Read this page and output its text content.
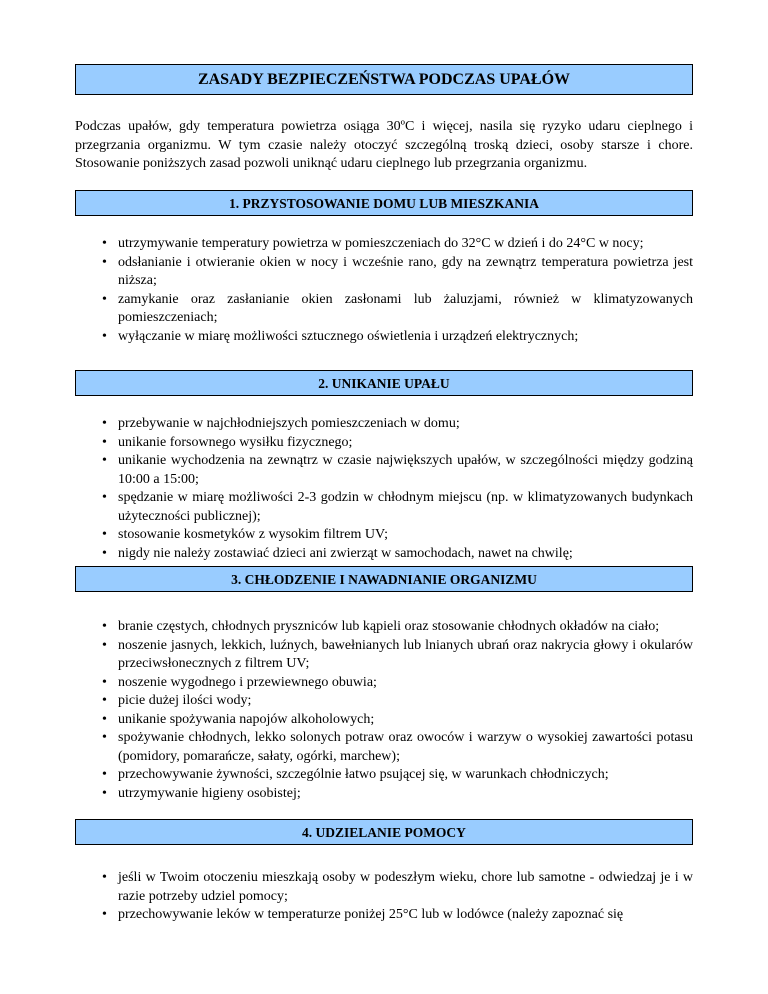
ZASADY BEZPIECZEŃSTWA PODCZAS UPAŁÓW

Podczas upałów, gdy temperatura powietrza osiąga 30ºC i więcej, nasila się ryzyko udaru cieplnego i przegrzania organizmu. W tym czasie należy otoczyć szczególną troską dzieci, osoby starsze i chore. Stosowanie poniższych zasad pozwoli uniknąć udaru cieplnego lub przegrzania organizmu.

1. PRZYSTOSOWANIE DOMU LUB MIESZKANIA
• utrzymywanie temperatury powietrza w pomieszczeniach do 32°C w dzień i do 24°C w nocy;
• odsłanianie i otwieranie okien w nocy i wcześnie rano, gdy na zewnątrz temperatura powietrza jest niższa;
• zamykanie oraz zasłanianie okien zasłonami lub żaluzjami, również w klimatyzowanych pomieszczeniach;
• wyłączanie w miarę możliwości sztucznego oświetlenia i urządzeń elektrycznych;
2. UNIKANIE UPAŁU
• przebywanie w najchłodniejszych pomieszczeniach w domu;
• unikanie forsownego wysiłku fizycznego;
• unikanie wychodzenia na zewnątrz w czasie największych upałów, w szczególności między godziną 10:00 a 15:00;
• spędzanie w miarę możliwości 2-3 godzin w chłodnym miejscu (np. w klimatyzowanych budynkach użyteczności publicznej);
• stosowanie kosmetyków z wysokim filtrem UV;
• nigdy nie należy zostawiać dzieci ani zwierząt w samochodach, nawet na chwilę;
3. CHŁODZENIE I NAWADNIANIE ORGANIZMU
• branie częstych, chłodnych pryszniców lub kąpieli oraz stosowanie chłodnych okładów na ciało;
• noszenie jasnych, lekkich, luźnych, bawełnianych lub lnianych ubrań oraz nakrycia głowy i okularów przeciwsłonecznych z filtrem UV;
• noszenie wygodnego i przewiewnego obuwia;
• picie dużej ilości wody;
• unikanie spożywania napojów alkoholowych;
• spożywanie chłodnych, lekko solonych potraw oraz owoców i warzyw o wysokiej zawartości potasu (pomidory, pomarańcze, sałaty, ogórki, marchew);
• przechowywanie żywności, szczególnie łatwo psującej się, w warunkach chłodniczych;
• utrzymywanie higieny osobistej;
4. UDZIELANIE POMOCY
• jeśli w Twoim otoczeniu mieszkają osoby w podeszłym wieku, chore lub samotne - odwiedzaj je i w razie potrzeby udziel pomocy;
• przechowywanie leków w temperaturze poniżej 25°C lub w lodówce (należy zapoznać się
